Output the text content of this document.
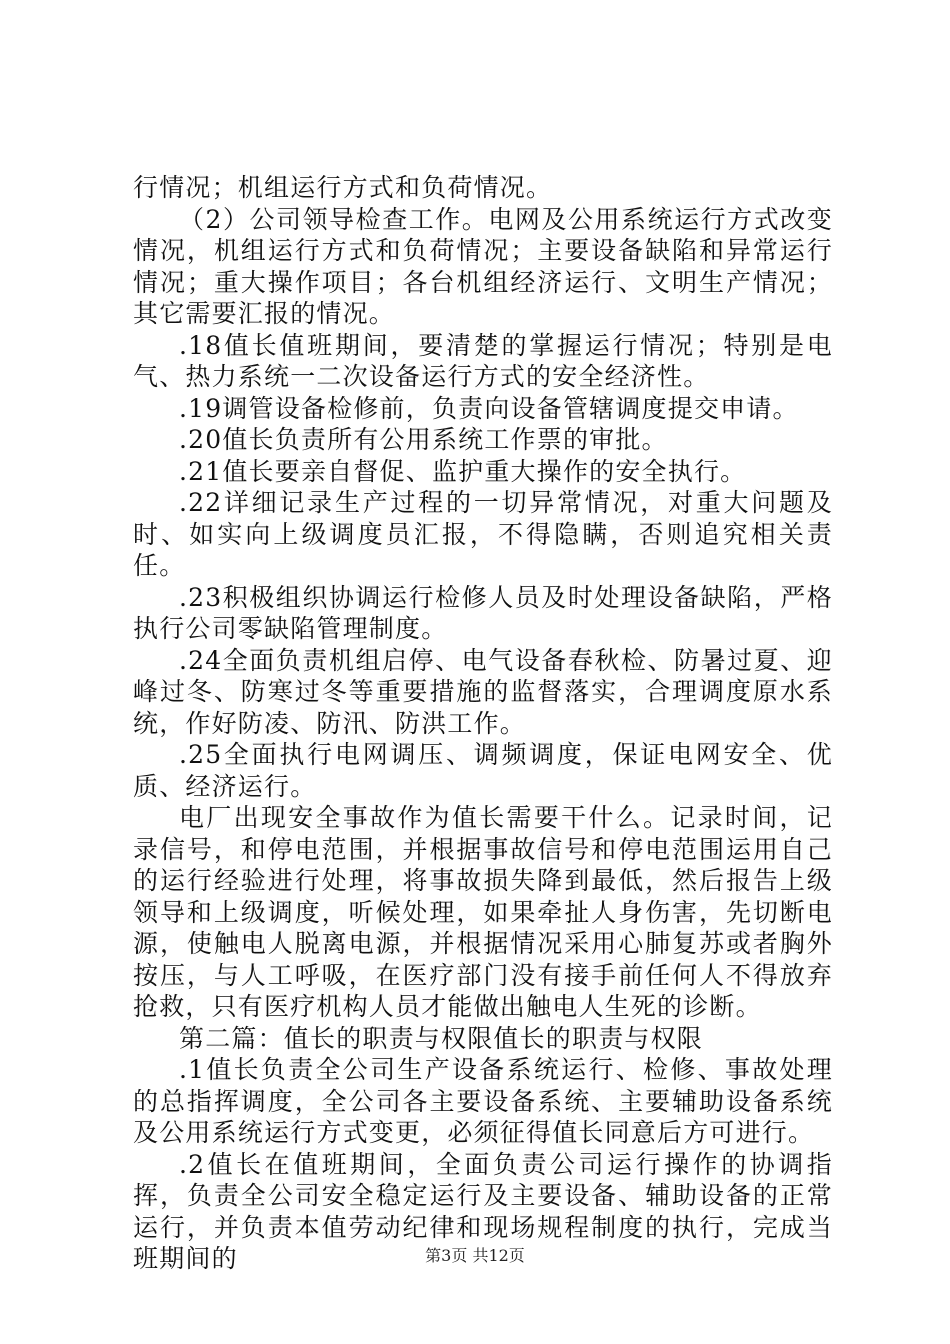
行情况；机组运行方式和负荷情况。

（2）公司领导检查工作。电网及公用系统运行方式改变情况，机组运行方式和负荷情况；主要设备缺陷和异常运行情况；重大操作项目；各台机组经济运行、文明生产情况；其它需要汇报的情况。

.18值长值班期间，要清楚的掌握运行情况；特别是电气、热力系统一二次设备运行方式的安全经济性。

.19调管设备检修前，负责向设备管辖调度提交申请。

.20值长负责所有公用系统工作票的审批。

.21值长要亲自督促、监护重大操作的安全执行。

.22详细记录生产过程的一切异常情况，对重大问题及时、如实向上级调度员汇报，不得隐瞒，否则追究相关责任。

.23积极组织协调运行检修人员及时处理设备缺陷，严格执行公司零缺陷管理制度。

.24全面负责机组启停、电气设备春秋检、防暑过夏、迎峰过冬、防寒过冬等重要措施的监督落实，合理调度原水系统，作好防凌、防汛、防洪工作。

.25全面执行电网调压、调频调度，保证电网安全、优质、经济运行。

电厂出现安全事故作为值长需要干什么。记录时间，记录信号，和停电范围，并根据事故信号和停电范围运用自己的运行经验进行处理，将事故损失降到最低，然后报告上级领导和上级调度，听候处理，如果牵扯人身伤害，先切断电源，使触电人脱离电源，并根据情况采用心肺复苏或者胸外按压，与人工呼吸，在医疗部门没有接手前任何人不得放弃抢救，只有医疗机构人员才能做出触电人生死的诊断。

第二篇：值长的职责与权限值长的职责与权限

.1值长负责全公司生产设备系统运行、检修、事故处理的总指挥调度，全公司各主要设备系统、主要辅助设备系统及公用系统运行方式变更，必须征得值长同意后方可进行。

.2值长在值班期间，全面负责公司运行操作的协调指挥，负责全公司安全稳定运行及主要设备、辅助设备的正常运行，并负责本值劳动纪律和现场规程制度的执行，完成当班期间的	第3页 共12页
